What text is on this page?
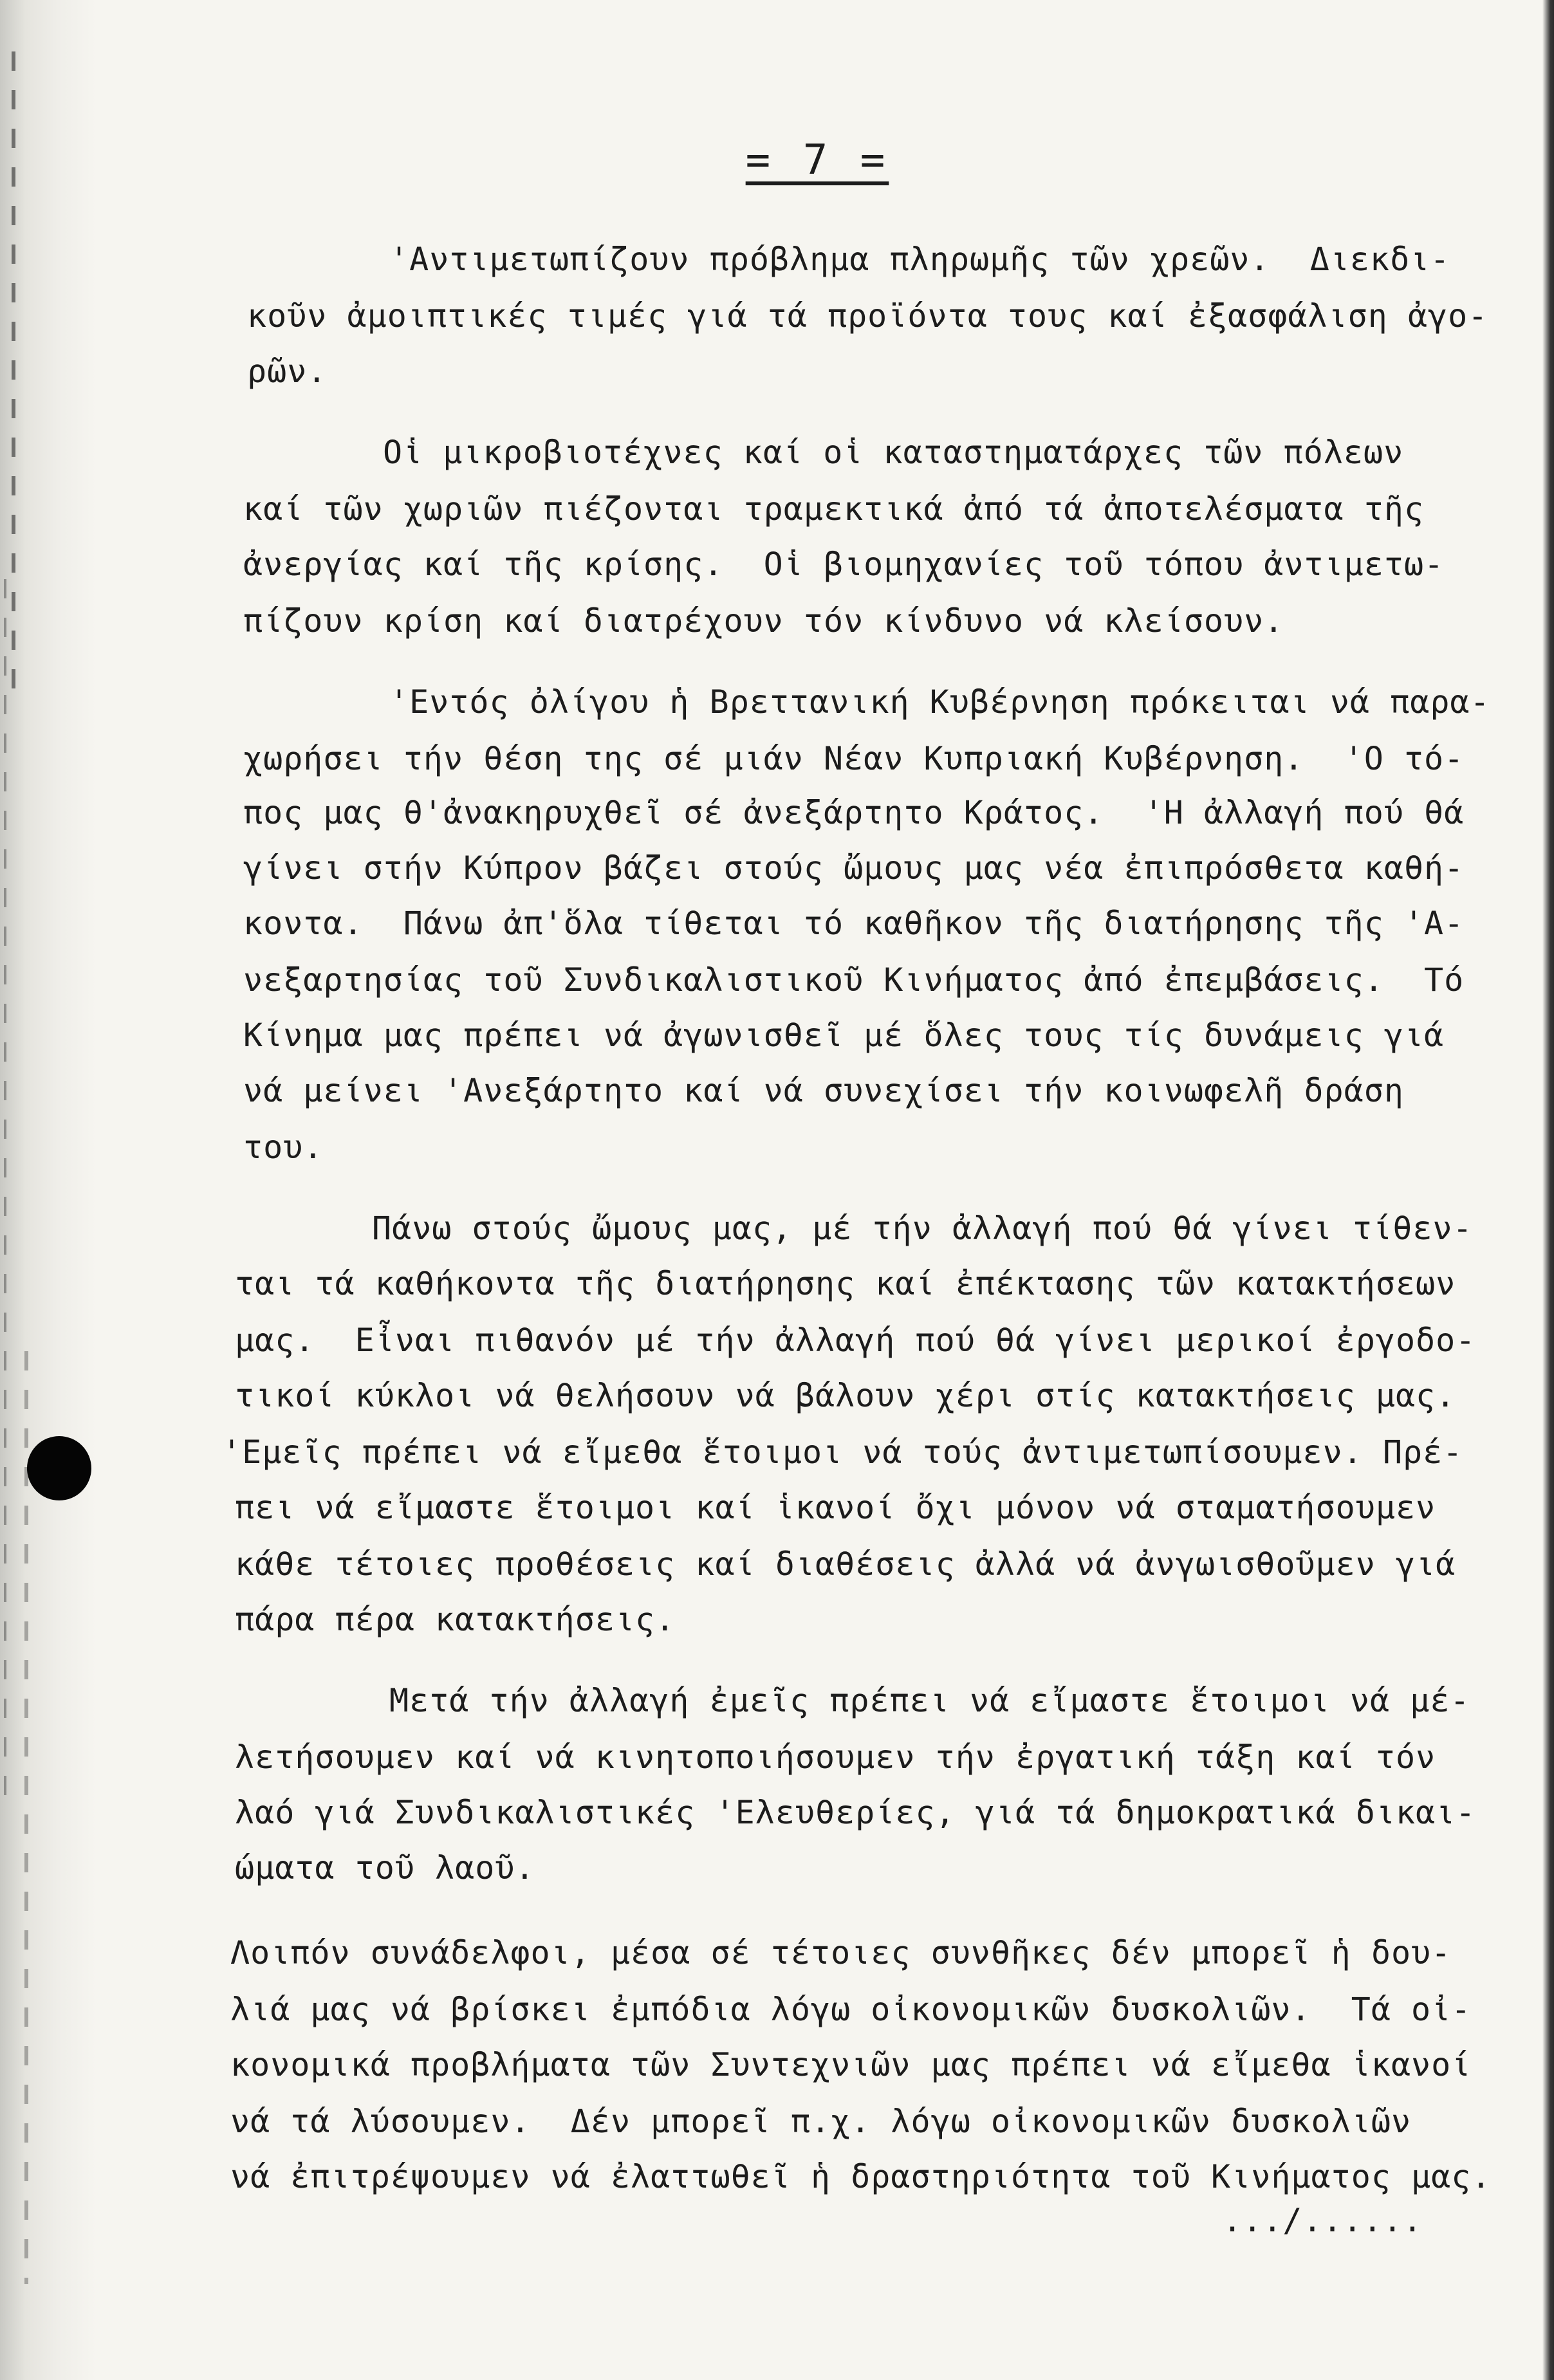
= 7 =
'Αντιμετωπίζουν πρόβλημα πληρωμῆς τῶν χρεῶν.  Διεκδι-
κοῦν ἀμοιπτικές τιμές γιά τά προϊόντα τους καί ἐξασφάλιση ἀγο-
ρῶν.
Οἱ μικροβιοτέχνες καί οἱ καταστηματάρχες τῶν πόλεων
καί τῶν χωριῶν πιέζονται τραμεκτικά ἀπό τά ἀποτελέσματα τῆς
ἀνεργίας καί τῆς κρίσης.  Οἱ βιομηχανίες τοῦ τόπου ἀντιμετω-
πίζουν κρίση καί διατρέχουν τόν κίνδυνο νά κλείσουν.
'Εντός ὀλίγου ἡ Βρεττανική Κυβέρνηση πρόκειται νά παρα-
χωρήσει τήν θέση της σέ μιάν Νέαν Κυπριακή Κυβέρνηση.  'Ο τό-
πος μας θ'ἀνακηρυχθεῖ σέ ἀνεξάρτητο Κράτος.  'Η ἀλλαγή πού θά
γίνει στήν Κύπρον βάζει στούς ὤμους μας νέα ἐπιπρόσθετα καθή-
κοντα.  Πάνω ἀπ'ὅλα τίθεται τό καθῆκον τῆς διατήρησης τῆς 'Α-
νεξαρτησίας τοῦ Συνδικαλιστικοῦ Κινήματος ἀπό ἐπεμβάσεις.  Τό
Κίνημα μας πρέπει νά ἀγωνισθεῖ μέ ὅλες τους τίς δυνάμεις γιά
νά μείνει 'Ανεξάρτητο καί νά συνεχίσει τήν κοινωφελῆ δράση
του.
Πάνω στούς ὤμους μας, μέ τήν ἀλλαγή πού θά γίνει τίθεν-
ται τά καθήκοντα τῆς διατήρησης καί ἐπέκτασης τῶν κατακτήσεων
μας.  Εἶναι πιθανόν μέ τήν ἀλλαγή πού θά γίνει μερικοί ἐργοδο-
τικοί κύκλοι νά θελήσουν νά βάλουν χέρι στίς κατακτήσεις μας.
'Εμεῖς πρέπει νά εἴμεθα ἕτοιμοι νά τούς ἀντιμετωπίσουμεν. Πρέ-
πει νά εἴμαστε ἕτοιμοι καί ἱκανοί ὄχι μόνον νά σταματήσουμεν
κάθε τέτοιες προθέσεις καί διαθέσεις ἀλλά νά ἀνγωισθοῦμεν γιά
πάρα πέρα κατακτήσεις.
Μετά τήν ἀλλαγή ἐμεῖς πρέπει νά εἴμαστε ἕτοιμοι νά μέ-
λετήσουμεν καί νά κινητοποιήσουμεν τήν ἐργατική τάξη καί τόν
λαό γιά Συνδικαλιστικές 'Ελευθερίες, γιά τά δημοκρατικά δικαι-
ώματα τοῦ λαοῦ.
Λοιπόν συνάδελφοι, μέσα σέ τέτοιες συνθῆκες δέν μπορεῖ ἡ δου-
λιά μας νά βρίσκει ἐμπόδια λόγω οἰκονομικῶν δυσκολιῶν.  Τά οἰ-
κονομικά προβλήματα τῶν Συντεχνιῶν μας πρέπει νά εἴμεθα ἱκανοί
νά τά λύσουμεν.  Δέν μπορεῖ π.χ. λόγω οἰκονομικῶν δυσκολιῶν
νά ἐπιτρέψουμεν νά ἐλαττωθεῖ ἡ δραστηριότητα τοῦ Κινήματος μας.
.../......
